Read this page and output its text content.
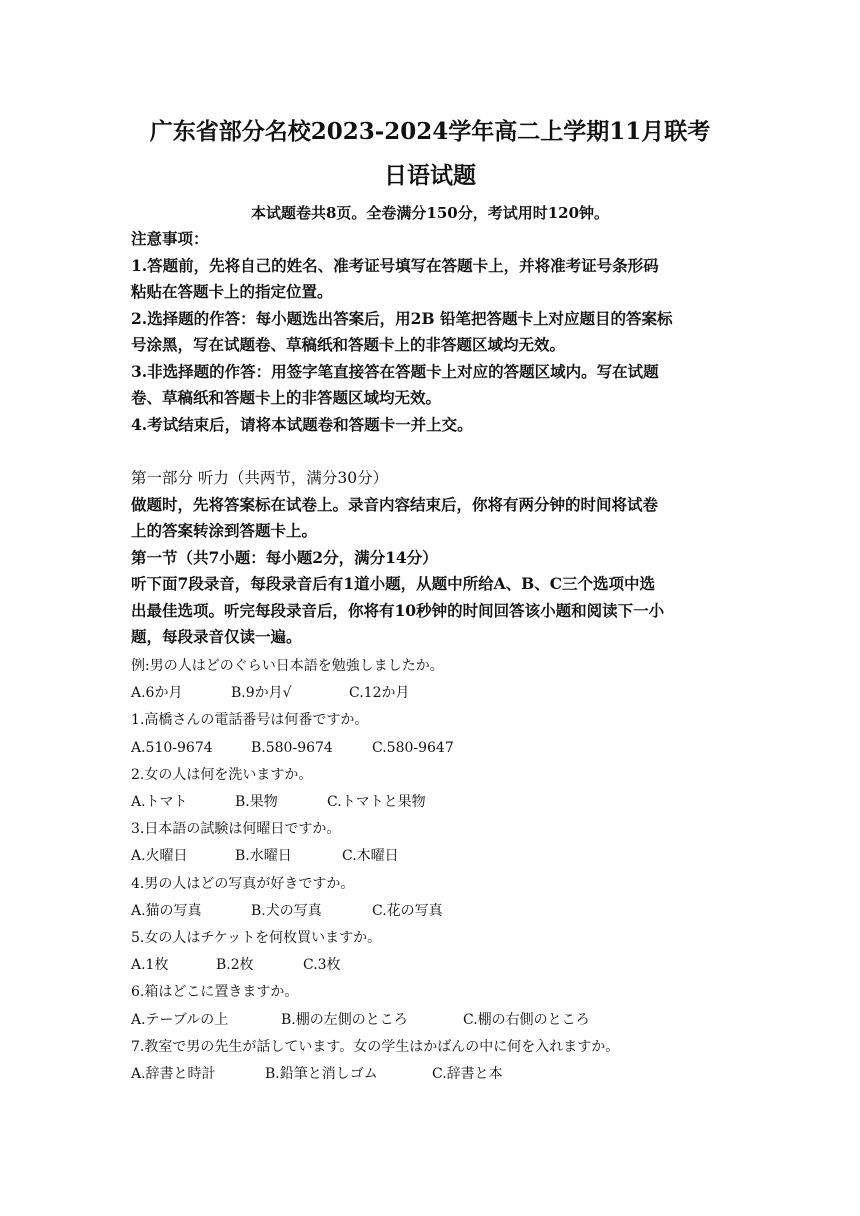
广东省部分名校2023-2024学年高二上学期11月联考
日语试题
本试题卷共8页。全卷满分150分，考试用时120钟。

注意事项：

1.答题前，先将自己的姓名、准考证号填写在答题卡上，并将准考证号条形码

粘贴在答题卡上的指定位置。

2.选择题的作答：每小题选出答案后，用2B 铅笔把答题卡上对应题目的答案标

号涂黑，写在试题卷、草稿纸和答题卡上的非答题区域均无效。

3.非选择题的作答：用签字笔直接答在答题卡上对应的答题区域内。写在试题

卷、草稿纸和答题卡上的非答题区域均无效。

4.考试结束后，请将本试题卷和答题卡一并上交。

第一部分 听力（共两节，满分30分）

做题时，先将答案标在试卷上。录音内容结束后，你将有两分钟的时间将试卷

上的答案转涂到答题卡上。

第一节（共7小题：每小题2分，满分14分）

听下面7段录音，每段录音后有1道小题，从题中所给A、B、C三个选项中选

出最佳选项。听完每段录音后，你将有10秒钟的时间回答该小题和阅读下一小

题，每段录音仅读一遍。

例:男の人はどのぐらい日本語を勉強しましたか。

A.6か月	B.9か月√	C.12か月

1.高橋さんの電話番号は何番ですか。

A.510-9674	B.580-9674	C.580-9647

2.女の人は何を洗いますか。

A.トマト	B.果物	C.トマトと果物

3.日本語の試験は何曜日ですか。

A.火曜日	B.水曜日	C.木曜日

4.男の人はどの写真が好きですか。

A.猫の写真	B.犬の写真	C.花の写真

5.女の人はチケットを何枚買いますか。

A.1枚	B.2枚	C.3枚

6.箱はどこに置きますか。

A.テーブルの上	B.棚の左側のところ	C.棚の右側のところ

7.教室で男の先生が話しています。女の学生はかばんの中に何を入れますか。

A.辞書と時計	B.鉛筆と消しゴム	C.辞書と本
